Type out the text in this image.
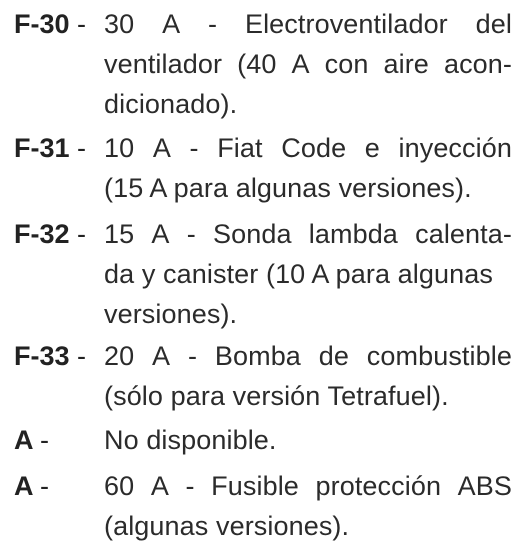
F-30 - 30 A - Electroventilador del
ventilador (40 A con aire acon-
dicionado).
F-31 - 10 A - Fiat Code e inyección
(15 A para algunas versiones).
F-32 - 15 A - Sonda lambda calenta-
da y canister (10 A para algunas
versiones).
F-33 - 20 A - Bomba de combustible
(sólo para versión Tetrafuel).
A - No disponible.
A - 60 A - Fusible protección ABS
(algunas versiones).
